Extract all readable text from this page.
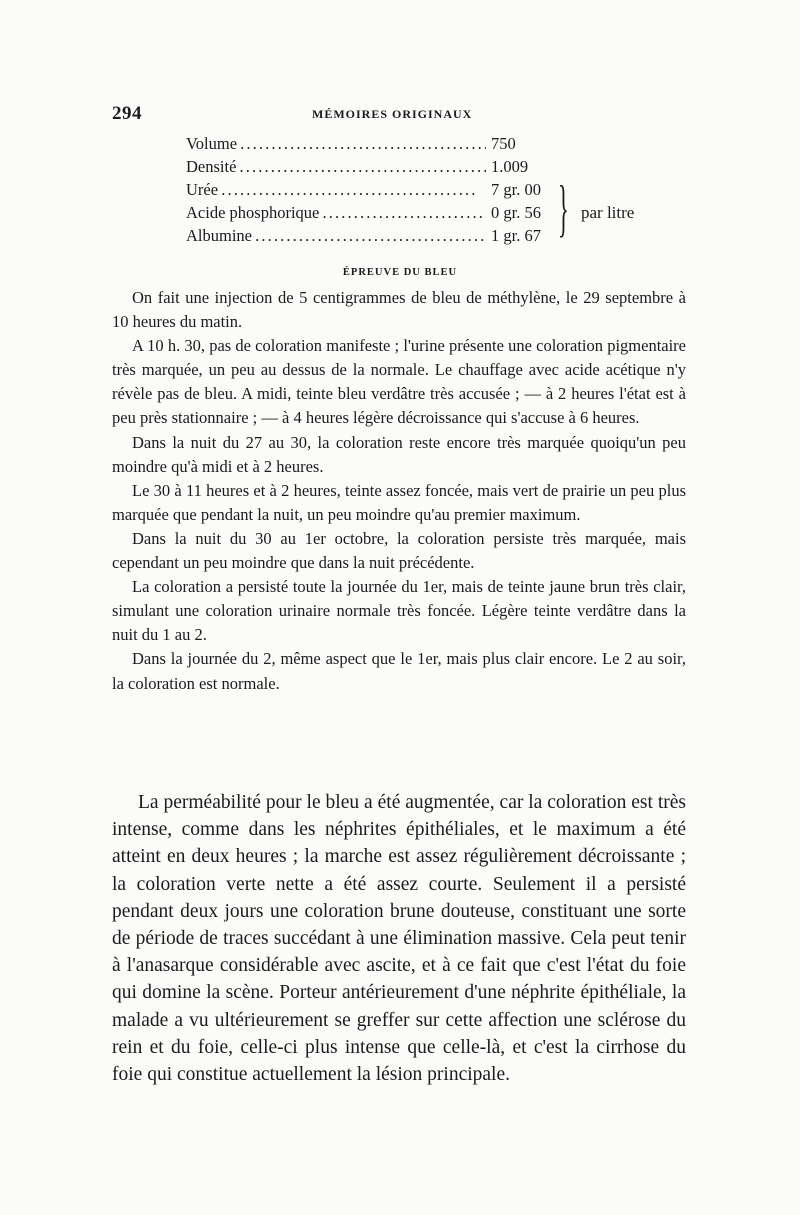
294	MÉMOIRES ORIGINAUX
Volume . . .	750
Densité . . .	1.009
Urée . . .	7 gr. 00
Acide phosphorique . . .	0 gr. 56
Albumine . . .	1 gr. 67 } par litre
ÉPREUVE DU BLEU

On fait une injection de 5 centigrammes de bleu de méthylène, le 29 septembre à 10 heures du matin.

A 10 h. 30, pas de coloration manifeste ; l'urine présente une coloration pigmentaire très marquée, un peu au dessus de la normale. Le chauffage avec acide acétique n'y révèle pas de bleu. A midi, teinte bleu verdâtre très accusée ; — à 2 heures l'état est à peu près stationnaire ; — à 4 heures légère décroissance qui s'accuse à 6 heures.

Dans la nuit du 27 au 30, la coloration reste encore très marquée quoiqu'un peu moindre qu'à midi et à 2 heures.

Le 30 à 11 heures et à 2 heures, teinte assez foncée, mais vert de prairie un peu plus marquée que pendant la nuit, un peu moindre qu'au premier maximum.

Dans la nuit du 30 au 1er octobre, la coloration persiste très marquée, mais cependant un peu moindre que dans la nuit précédente.

La coloration a persisté toute la journée du 1er, mais de teinte jaune brun très clair, simulant une coloration urinaire normale très foncée. Légère teinte verdâtre dans la nuit du 1 au 2.

Dans la journée du 2, même aspect que le 1er, mais plus clair encore. Le 2 au soir, la coloration est normale.

La perméabilité pour le bleu a été augmentée, car la coloration est très intense, comme dans les néphrites épithéliales, et le maximum a été atteint en deux heures ; la marche est assez régulièrement décroissante ; la coloration verte nette a été assez courte. Seulement il a persisté pendant deux jours une coloration brune douteuse, constituant une sorte de période de traces succédant à une élimination massive. Cela peut tenir à l'anasarque considérable avec ascite, et à ce fait que c'est l'état du foie qui domine la scène. Porteur antérieurement d'une néphrite épithéliale, la malade a vu ultérieurement se greffer sur cette affection une sclérose du rein et du foie, celle-ci plus intense que celle-là, et c'est la cirrhose du foie qui constitue actuellement la lésion principale.
